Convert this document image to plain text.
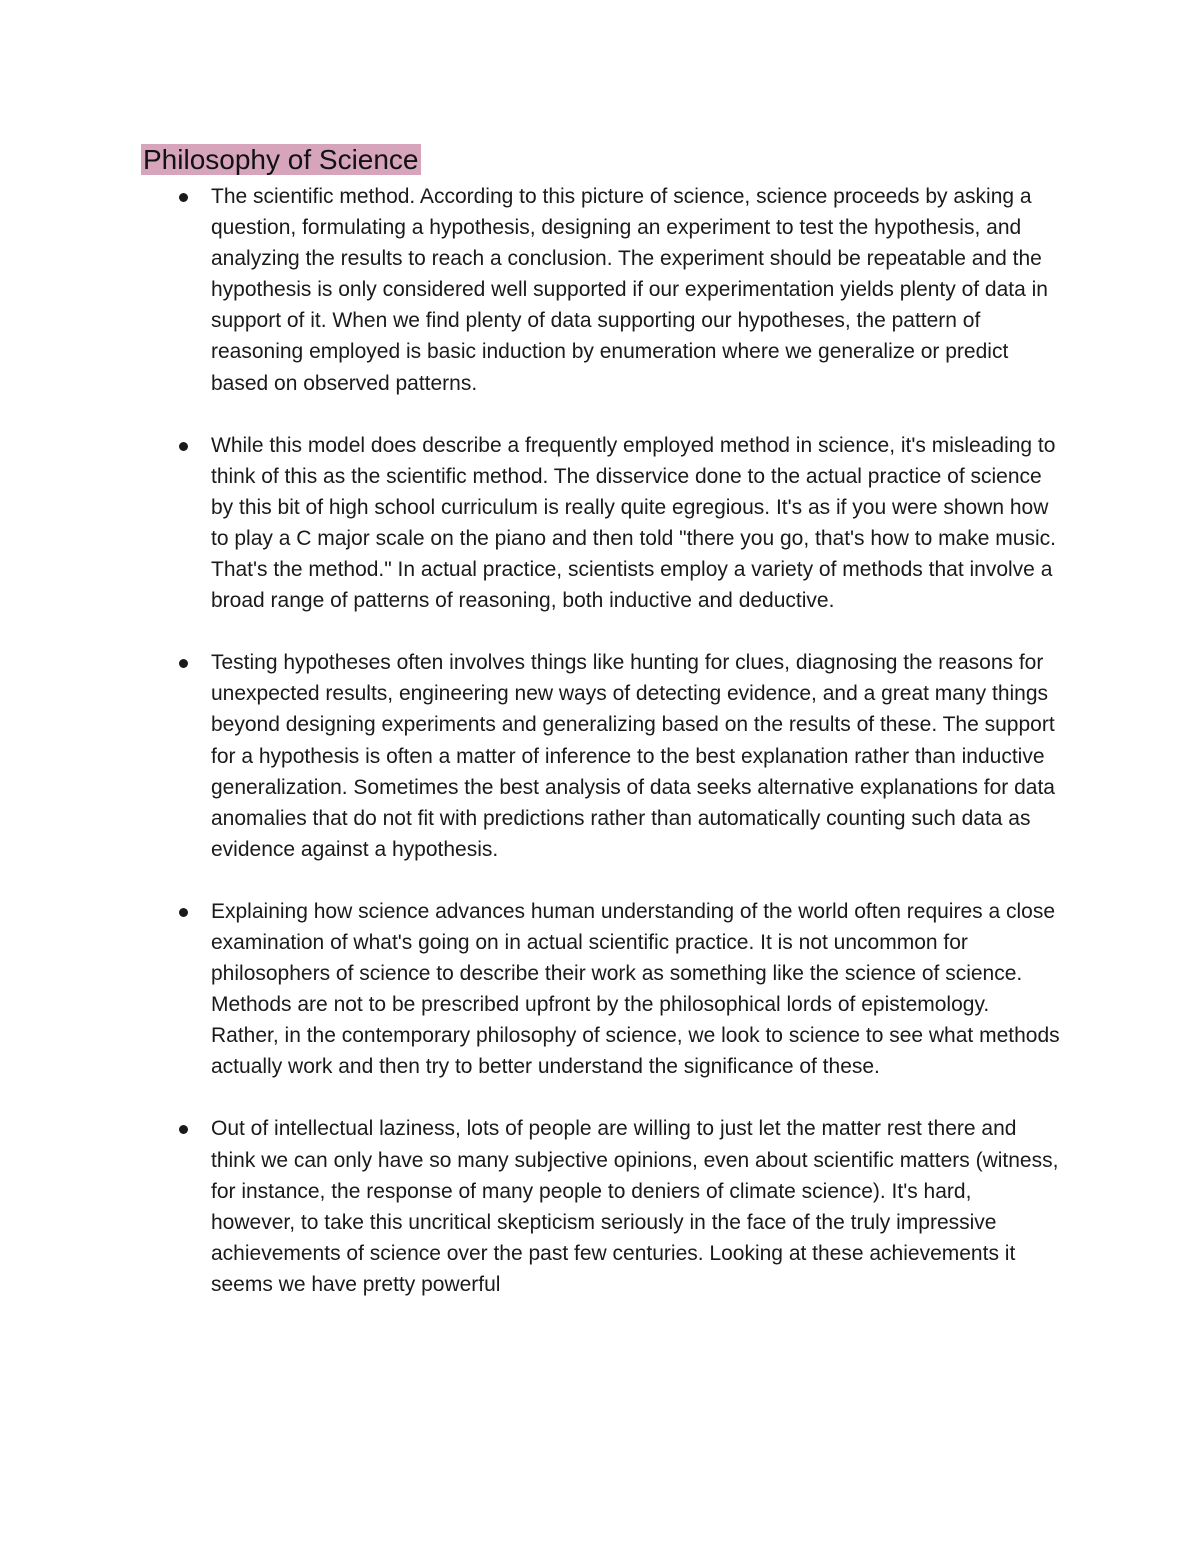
Philosophy of Science
The scientific method. According to this picture of science, science proceeds by asking a question, formulating a hypothesis, designing an experiment to test the hypothesis, and analyzing the results to reach a conclusion. The experiment should be repeatable and the hypothesis is only considered well supported if our experimentation yields plenty of data in support of it. When we find plenty of data supporting our hypotheses, the pattern of reasoning employed is basic induction by enumeration where we generalize or predict based on observed patterns.
While this model does describe a frequently employed method in science, it's misleading to think of this as the scientific method. The disservice done to the actual practice of science by this bit of high school curriculum is really quite egregious. It's as if you were shown how to play a C major scale on the piano and then told "there you go, that's how to make music. That's the method." In actual practice, scientists employ a variety of methods that involve a broad range of patterns of reasoning, both inductive and deductive.
Testing hypotheses often involves things like hunting for clues, diagnosing the reasons for unexpected results, engineering new ways of detecting evidence, and a great many things beyond designing experiments and generalizing based on the results of these. The support for a hypothesis is often a matter of inference to the best explanation rather than inductive generalization. Sometimes the best analysis of data seeks alternative explanations for data anomalies that do not fit with predictions rather than automatically counting such data as evidence against a hypothesis.
Explaining how science advances human understanding of the world often requires a close examination of what's going on in actual scientific practice. It is not uncommon for philosophers of science to describe their work as something like the science of science. Methods are not to be prescribed upfront by the philosophical lords of epistemology. Rather, in the contemporary philosophy of science, we look to science to see what methods actually work and then try to better understand the significance of these.
Out of intellectual laziness, lots of people are willing to just let the matter rest there and think we can only have so many subjective opinions, even about scientific matters (witness, for instance, the response of many people to deniers of climate science). It's hard, however, to take this uncritical skepticism seriously in the face of the truly impressive achievements of science over the past few centuries. Looking at these achievements it seems we have pretty powerful
